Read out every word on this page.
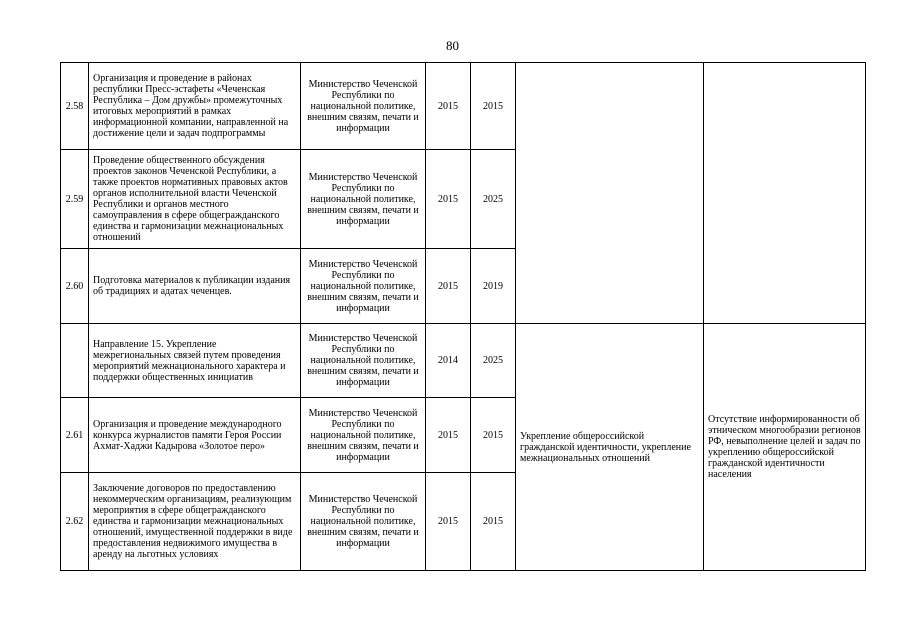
80
2.58	Организация и проведение в районах республики Пресс-эстафеты «Чеченская Республика – Дом дружбы» промежуточных итоговых мероприятий в рамках информационной компании, направленной на достижение цели и задач подпрограммы	Министерство Чеченской Республики по национальной политике, внешним связям, печати и информации	2015	2015		
2.59	Проведение общественного обсуждения проектов законов Чеченской Республики, а также проектов нормативных правовых актов органов исполнительной власти Чеченской Республики и органов местного самоуправления в сфере общегражданского единства и гармонизации межнациональных отношений	Министерство Чеченской Республики по национальной политике, внешним связям, печати и информации	2015	2025		
2.60	Подготовка материалов к публикации издания об традициях и адатах чеченцев.	Министерство Чеченской Республики по национальной политике, внешним связям, печати и информации	2015	2019		
	Направление 15. Укрепление межрегиональных связей путем проведения мероприятий межнационального характера и поддержки общественных инициатив	Министерство Чеченской Республики по национальной политике, внешним связям, печати и информации	2014	2025	Укрепление общероссийской гражданской идентичности, укрепление межнациональных отношений	Отсутствие информированности об этническом многообразии регионов РФ, невыполнение целей и задач по укреплению общероссийской гражданской идентичности населения
2.61	Организация и проведение международного конкурса журналистов памяти Героя России Ахмат-Хаджи Кадырова «Золотое перо»	Министерство Чеченской Республики по национальной политике, внешним связям, печати и информации	2015	2015		
2.62	Заключение договоров по предоставлению некоммерческим организациям, реализующим мероприятия в сфере общегражданского единства и гармонизации межнациональных отношений, имущественной поддержки в виде предоставления недвижимого имущества в аренду на льготных условиях	Министерство Чеченской Республики по национальной политике, внешним связям, печати и информации	2015	2015		
